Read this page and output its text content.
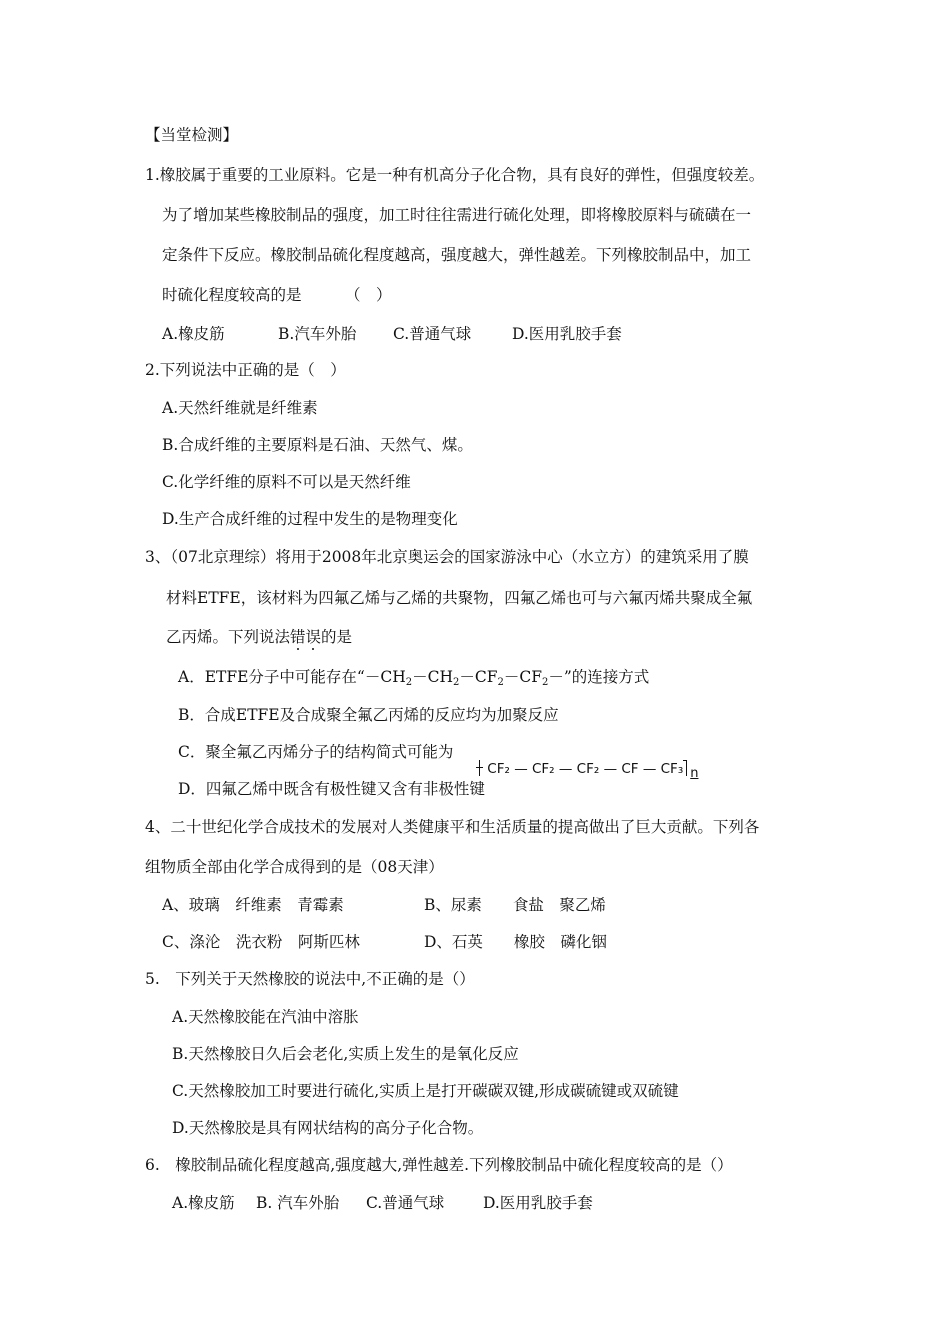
【当堂检测】
1.橡胶属于重要的工业原料。它是一种有机高分子化合物，具有良好的弹性，但强度较差。
为了增加某些橡胶制品的强度，加工时往往需进行硫化处理，即将橡胶原料与硫磺在一
定条件下反应。橡胶制品硫化程度越高，强度越大，弹性越差。下列橡胶制品中，加工
时硫化程度较高的是	（　）
A.橡皮筋	B.汽车外胎 C.普通气球	D.医用乳胶手套
2.下列说法中正确的是（　）
A.天然纤维就是纤维素
B.合成纤维的主要原料是石油、天然气、煤。
C.化学纤维的原料不可以是天然纤维
D.生产合成纤维的过程中发生的是物理变化
3、（07北京理综）将用于2008年北京奥运会的国家游泳中心（水立方）的建筑采用了膜
材料ETFE，该材料为四氟乙烯与乙烯的共聚物，四氟乙烯也可与六氟丙烯共聚成全氟
乙丙烯。下列说法错误的是
A．ETFE分子中可能存在“$-CH_2-CH_2-CF_2-CF_2-$”的连接方式
B．合成ETFE及合成聚全氟乙丙烯的反应均为加聚反应
C．聚全氟乙丙烯分子的结构简式可能为
CF₂ — CF₂ — CF₂ — CF — CF₃ n
D．四氟乙烯中既含有极性键又含有非极性键
4、二十世纪化学合成技术的发展对人类健康平和生活质量的提高做出了巨大贡献。下列各
组物质全部由化学合成得到的是（08天津）
A、玻璃　纤维素　青霉素	B、尿素　　食盐　聚乙烯
C、涤沦　洗衣粉　阿斯匹林	D、石英　　橡胶　磷化铟
5.　下列关于天然橡胶的说法中,不正确的是（）
A.天然橡胶能在汽油中溶胀
B.天然橡胶日久后会老化,实质上发生的是氧化反应
C.天然橡胶加工时要进行硫化,实质上是打开碳碳双键,形成碳硫键或双硫键
D.天然橡胶是具有网状结构的高分子化合物。
6.　橡胶制品硫化程度越高,强度越大,弹性越差.下列橡胶制品中硫化程度较高的是（）
A.橡皮筋 B. 汽车外胎 C.普通气球	D.医用乳胶手套
